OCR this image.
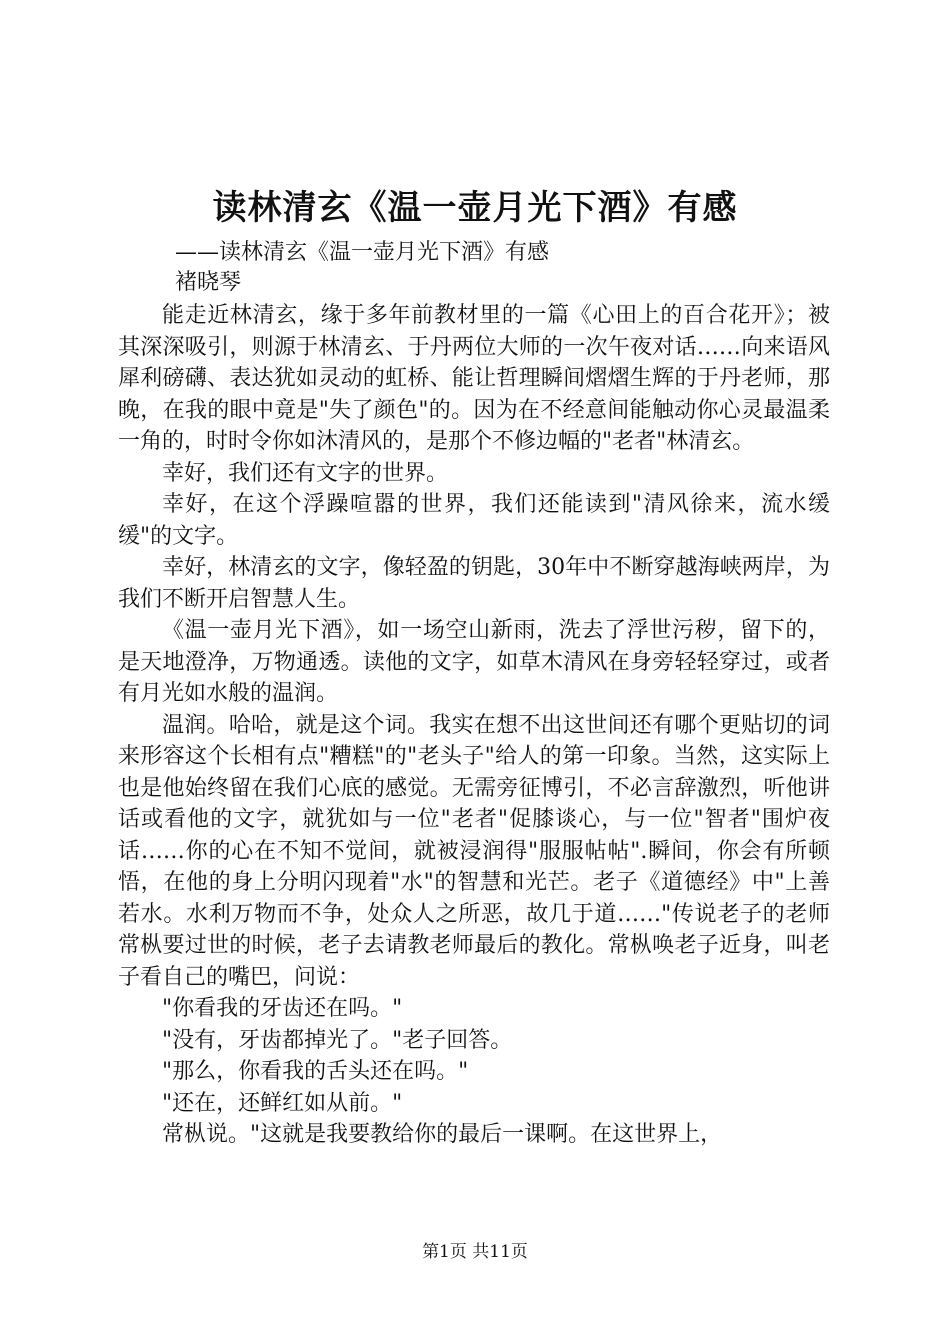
读林清玄《温一壶月光下酒》有感
——读林清玄《温一壶月光下酒》有感
褚晓琴

能走近林清玄，缘于多年前教材里的一篇《心田上的百合花开》；被其深深吸引，则源于林清玄、于丹两位大师的一次午夜对话……向来语风犀利磅礴、表达犹如灵动的虹桥、能让哲理瞬间熠熠生辉的于丹老师，那晚，在我的眼中竟是"失了颜色"的。因为在不经意间能触动你心灵最温柔一角的，时时令你如沐清风的，是那个不修边幅的"老者"林清玄。

幸好，我们还有文字的世界。

幸好，在这个浮躁喧嚣的世界，我们还能读到"清风徐来，流水缓缓"的文字。

幸好，林清玄的文字，像轻盈的钥匙，30年中不断穿越海峡两岸，为我们不断开启智慧人生。

《温一壶月光下酒》，如一场空山新雨，洗去了浮世污秽，留下的，是天地澄净，万物通透。读他的文字，如草木清风在身旁轻轻穿过，或者有月光如水般的温润。

温润。哈哈，就是这个词。我实在想不出这世间还有哪个更贴切的词来形容这个长相有点"糟糕"的"老头子"给人的第一印象。当然，这实际上也是他始终留在我们心底的感觉。无需旁征博引，不必言辞激烈，听他讲话或看他的文字，就犹如与一位"老者"促膝谈心，与一位"智者"围炉夜话……你的心在不知不觉间，就被浸润得"服服帖帖".瞬间，你会有所顿悟，在他的身上分明闪现着"水"的智慧和光芒。老子《道德经》中"上善若水。水利万物而不争，处众人之所恶，故几于道……"传说老子的老师常枞要过世的时候，老子去请教老师最后的教化。常枞唤老子近身，叫老子看自己的嘴巴，问说：

"你看我的牙齿还在吗。"

"没有，牙齿都掉光了。"老子回答。

"那么，你看我的舌头还在吗。"

"还在，还鲜红如从前。"

常枞说。"这就是我要教给你的最后一课啊。在这世界上，

第1页 共11页
